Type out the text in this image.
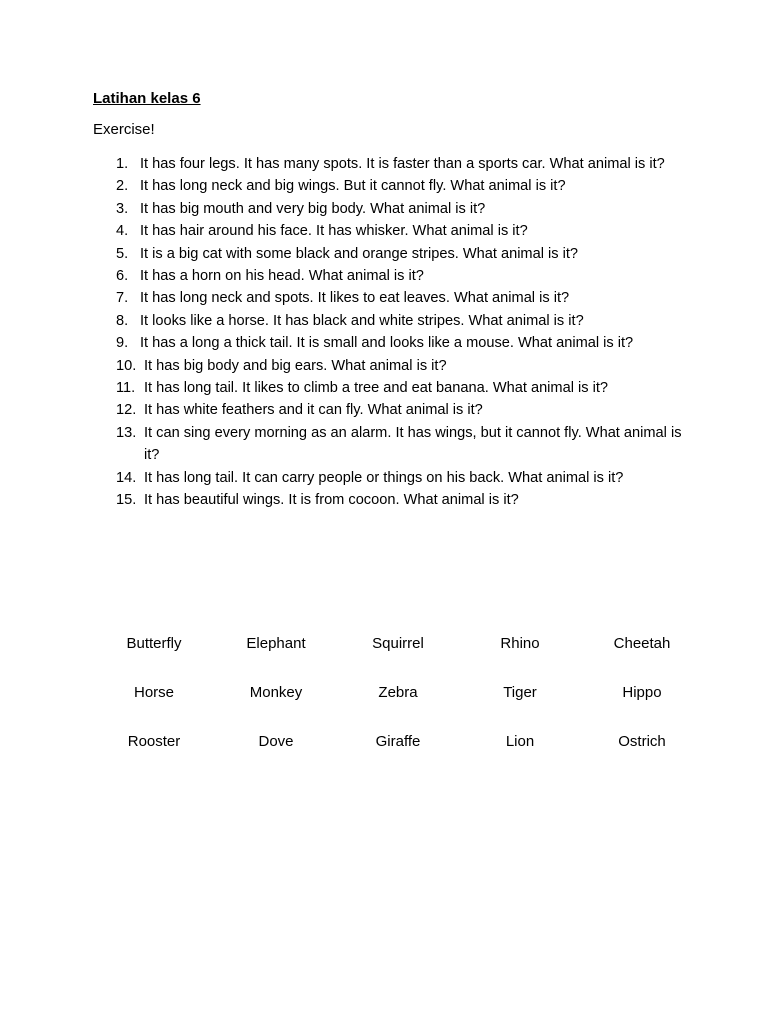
Latihan kelas 6
Exercise!
1. It has four legs. It has many spots. It is faster than a sports car. What animal is it?
2. It has long neck and big wings. But it cannot fly. What animal is it?
3. It has big mouth and very big body. What animal is it?
4. It has hair around his face. It has whisker. What animal is it?
5. It is a big cat with some black and orange stripes. What animal is it?
6. It has a horn on his head. What animal is it?
7. It has long neck and spots. It likes to eat leaves. What animal is it?
8. It looks like a horse. It has black and white stripes. What animal is it?
9. It has a long a thick tail. It is small and looks like a mouse. What animal is it?
10. It has big body and big ears. What animal is it?
11. It has long tail. It likes to climb a tree and eat banana. What animal is it?
12. It has white feathers and it can fly. What animal is it?
13. It can sing every morning as an alarm. It has wings, but it cannot fly. What animal is it?
14. It has long tail. It can carry people or things on his back. What animal is it?
15. It has beautiful wings. It is from cocoon. What animal is it?
Butterfly	Elephant	Squirrel	Rhino	Cheetah
Horse	Monkey	Zebra	Tiger	Hippo
Rooster	Dove	Giraffe	Lion	Ostrich
